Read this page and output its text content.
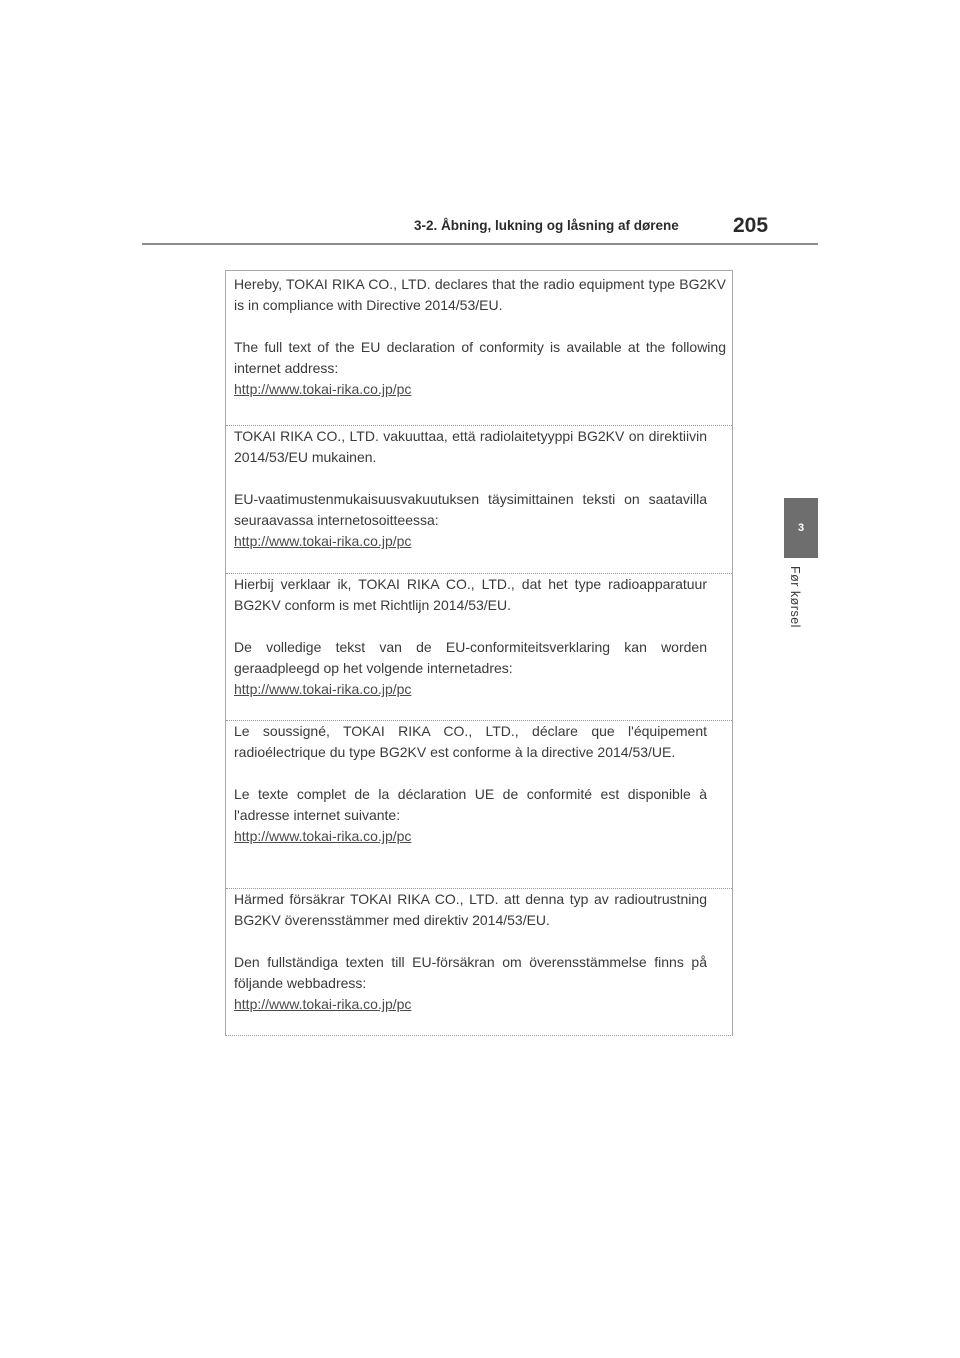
3-2. Åbning, lukning og låsning af dørene	205
3
Før kørsel

Hereby, TOKAI RIKA CO., LTD. declares that the radio equipment type BG2KV is in compliance with Directive 2014/53/EU.

The full text of the EU declaration of conformity is available at the following internet address:

http://www.tokai-rika.co.jp/pc

TOKAI RIKA CO., LTD. vakuuttaa, että radiolaitetyyppi BG2KV on direktiivin 2014/53/EU mukainen.

EU-vaatimustenmukaisuusvakuutuksen täysimittainen teksti on saatavilla seuraavassa internetosoitteessa:

http://www.tokai-rika.co.jp/pc

Hierbij verklaar ik, TOKAI RIKA CO., LTD., dat het type radioapparatuur BG2KV conform is met Richtlijn 2014/53/EU.

De volledige tekst van de EU-conformiteitsverklaring kan worden geraadpleegd op het volgende internetadres:

http://www.tokai-rika.co.jp/pc

Le soussigné, TOKAI RIKA CO., LTD., déclare que l'équipement radioélectrique du type BG2KV est conforme à la directive 2014/53/UE.

Le texte complet de la déclaration UE de conformité est disponible à l'adresse internet suivante:

http://www.tokai-rika.co.jp/pc

Härmed försäkrar TOKAI RIKA CO., LTD. att denna typ av radioutrustning BG2KV överensstämmer med direktiv 2014/53/EU.

Den fullständiga texten till EU-försäkran om överensstämmelse finns på följande webbadress:

http://www.tokai-rika.co.jp/pc
